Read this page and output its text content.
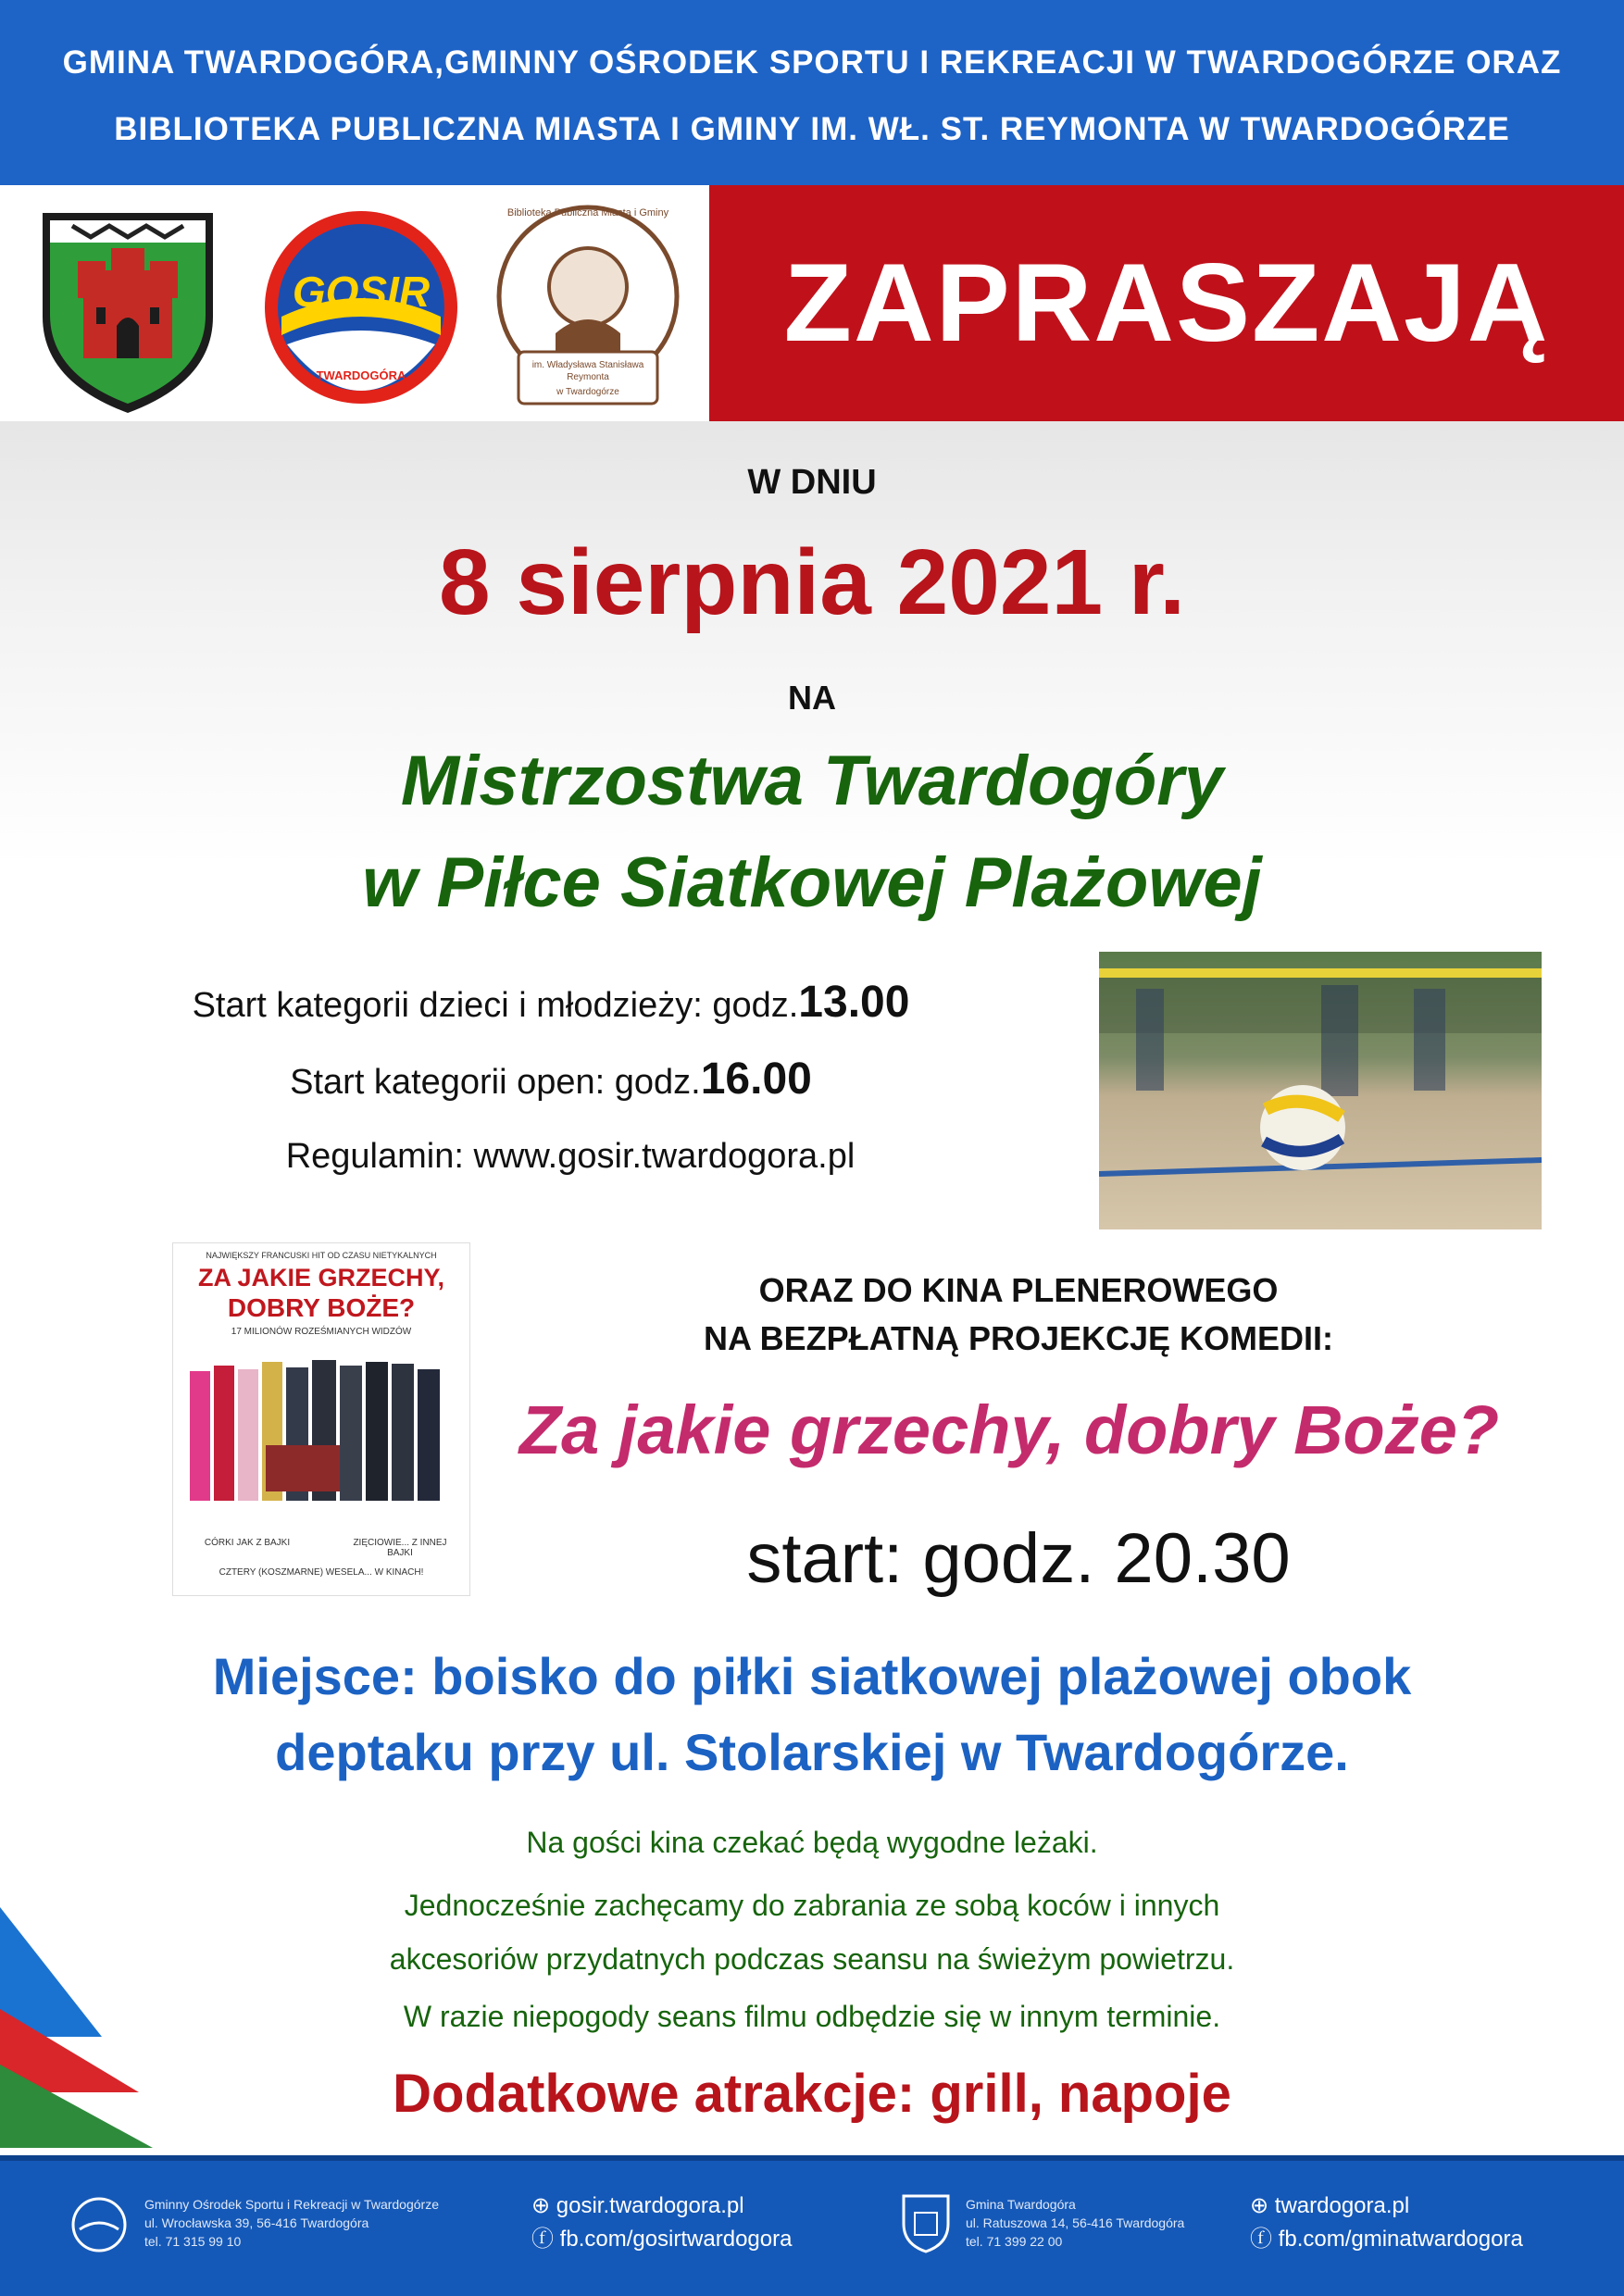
GMINA TWARDOGÓRA,GMINNY OŚRODEK SPORTU I REKREACJI W TWARDOGÓRZE ORAZ
BIBLIOTEKA PUBLICZNA MIASTA I GMINY IM. WŁ. ST. REYMONTA W TWARDOGÓRZE
GOSIR
TWARDOGÓRA
Biblioteka Publiczna Miasta i Gminy
im. Władysława Stanisława Reymonta
w Twardogórze
ZAPRASZAJĄ
W DNIU
8 sierpnia 2021 r.
NA
Mistrzostwa Twardogóry
w Piłce Siatkowej Plażowej
Start kategorii dzieci i młodzieży: godz.13.00
Start kategorii open: godz.16.00
Regulamin: www.gosir.twardogora.pl
NAJWIĘKSZY FRANCUSKI HIT OD CZASU NIETYKALNYCH
ZA JAKIE GRZECHY,
DOBRY BOŻE?
17 MILIONÓW ROZEŚMIANYCH WIDZÓW
CÓRKI JAK Z BAJKI	ZIĘCIOWIE... Z INNEJ BAJKI
CZTERY (KOSZMARNE) WESELA... W KINACH!
ORAZ DO KINA PLENEROWEGO
NA BEZPŁATNĄ PROJEKCJĘ KOMEDII:
Za jakie grzechy, dobry Boże?
start: godz. 20.30
Miejsce: boisko do piłki siatkowej plażowej obok
deptaku przy ul. Stolarskiej w Twardogórze.
Na gości kina czekać będą wygodne leżaki.
Jednocześnie zachęcamy do zabrania ze sobą koców i innych
akcesoriów przydatnych podczas seansu na świeżym powietrzu.
W razie niepogody seans filmu odbędzie się w innym terminie.
Dodatkowe atrakcje: grill, napoje
Gminny Ośrodek Sportu i Rekreacji w Twardogórze
ul. Wrocławska 39, 56-416 Twardogóra
tel. 71 315 99 10
⊕ gosir.twardogora.pl
ⓕ fb.com/gosirtwardogora
Gmina Twardogóra
ul. Ratuszowa 14, 56-416 Twardogóra
tel. 71 399 22 00
⊕ twardogora.pl
ⓕ fb.com/gminatwardogora
